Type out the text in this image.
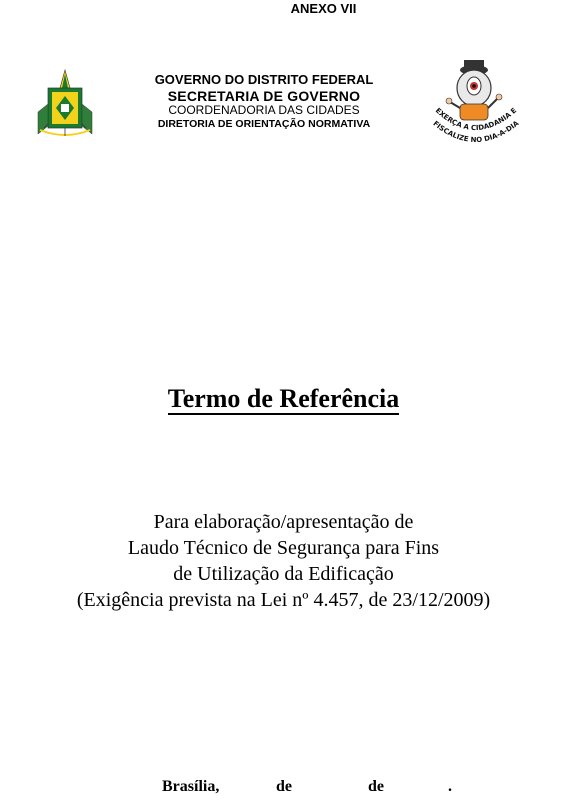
ANEXO VII
GOVERNO DO DISTRITO FEDERAL
SECRETARIA DE GOVERNO
COORDENADORIA DAS CIDADES
DIRETORIA DE ORIENTAÇÃO NORMATIVA
EXERÇA A CIDADANIA E
FISCALIZE NO DIA-A-DIA
Termo de Referência
Para elaboração/apresentação de
Laudo Técnico de Segurança para Fins
de Utilização da Edificação
(Exigência prevista na Lei nº 4.457, de 23/12/2009)
Brasília,	de	de	.
